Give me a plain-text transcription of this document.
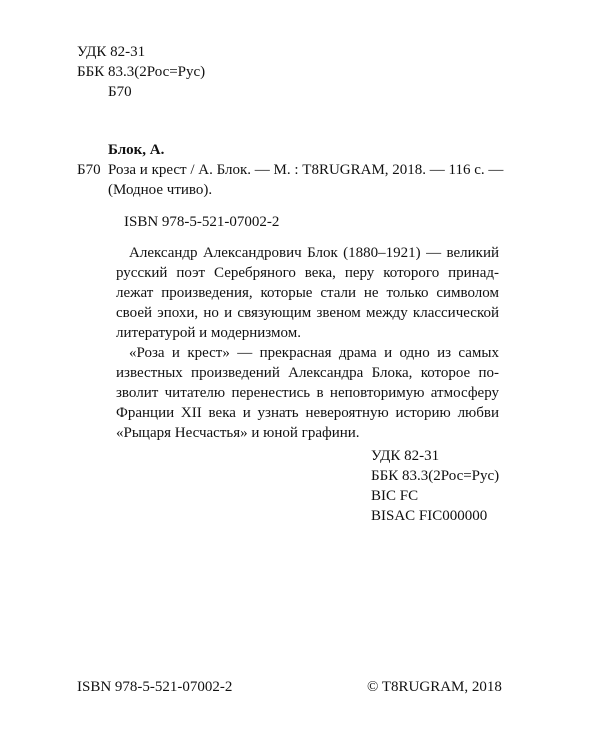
УДК 82-31
ББК 83.3(2Рос=Рус)
Б70
Блок, А.
Б70 Роза и крест / А. Блок. — М. : T8RUGRAM, 2018. — 116 с. —
(Модное чтиво).
ISBN 978-5-521-07002-2
Александр Александрович Блок (1880–1921) — великий
русский поэт Серебряного века, перу которого принад-
лежат произведения, которые стали не только символом
своей эпохи, но и связующим звеном между классической
литературой и модернизмом.
«Роза и крест» — прекрасная драма и одно из самых
известных произведений Александра Блока, которое по-
зволит читателю перенестись в неповторимую атмосферу
Франции XII века и узнать невероятную историю любви
«Рыцаря Несчастья» и юной графини.
УДК 82-31
ББК 83.3(2Рос=Рус)
BIC FC
BISAC FIC000000
ISBN 978-5-521-07002-2	© T8RUGRAM, 2018
